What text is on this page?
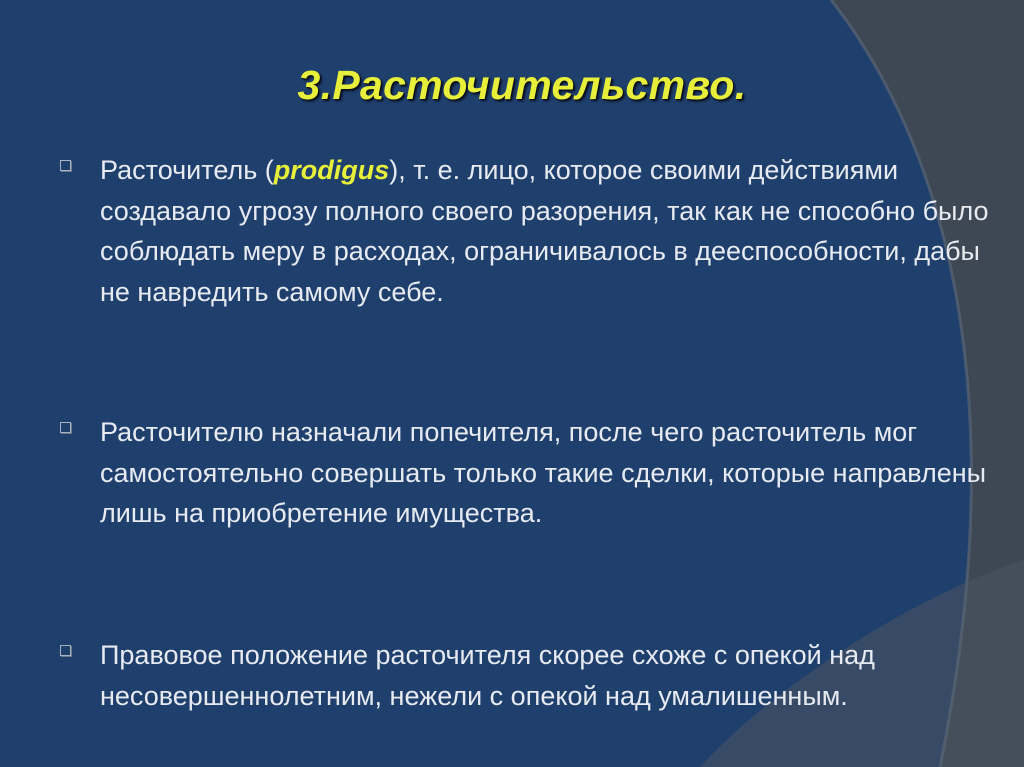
3.Расточительство.
Расточитель (prodigus), т. е. лицо, которое своими действиями создавало угрозу полного своего разорения, так как не способно было соблюдать меру в расходах, ограничивалось в дееспособности, дабы не навредить самому себе.
Расточителю назначали попечителя, после чего расточитель мог самостоятельно совершать только такие сделки, которые направлены лишь на приобретение имущества.
Правовое положение расточителя скорее схоже с опекой над несовершеннолетним, нежели с опекой над умалишенным.
